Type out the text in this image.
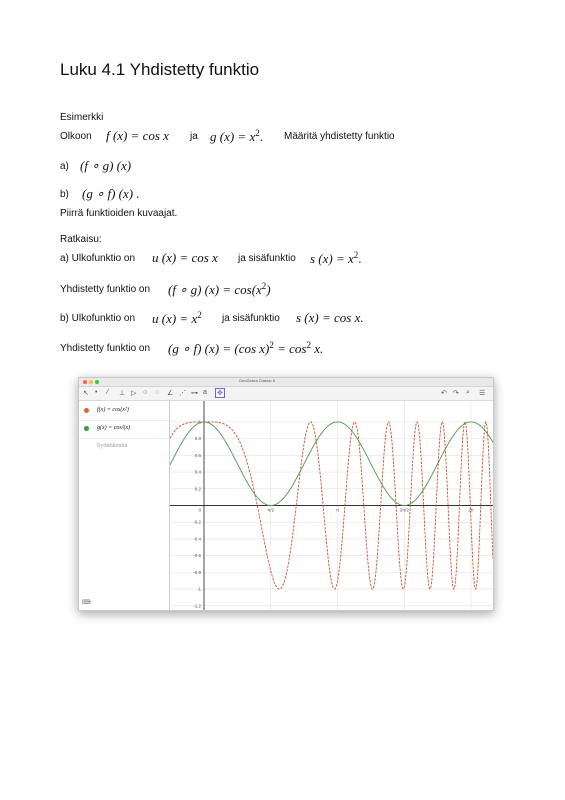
Luku 4.1 Yhdistetty funktio
Esimerkki
Olkoon f (x) = cos x ja g $(x) = x^2$. Määritä yhdistetty funktio
a) (f ∘ g) (x)
b) (g ∘ f) (x) .
Piirrä funktioiden kuvaajat.
Ratkaisu:
a) Ulkofunktio on u (x) = cos x ja sisäfunktio s $(x) = x^2$.
Yhdistetty funktio on (f ∘ g) $(x) = \cos(x^2)$
b) Ulkofunktio on u $(x) = x^2$ ja sisäfunktio s (x) = cos x.
Yhdistetty funktio on (g ∘ f) (x) = (cos $x)^2 = \cos^2 x$.
GeoGebra Classic 6
↖ • ⁄ ⊥ ▷ ○ ◌ ∠ ⋰ ⊶ a ✥	↶ ↷ ⌕ ☰
f(x) = cos(x²)
g(x) = cos²(x)
Syöttökenttä
⌨
1
0.8
0.6
0.4
0.2
-0.2
-0.4
-0.6
-0.8
-1
-1.2
0	π/2	π	3π/2	2π
